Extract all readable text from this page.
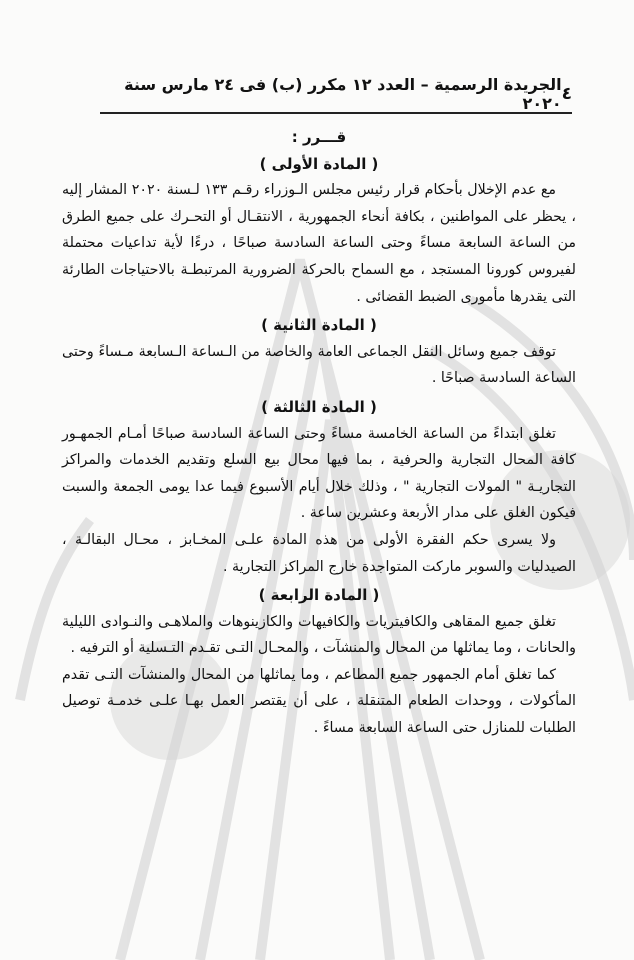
٤
الجريدة الرسمية – العدد ١٢ مكرر (ب) فى ٢٤ مارس سنة ٢٠٢٠

قـــرر :

( المادة الأولى )

مع عدم الإخلال بأحكام قرار رئيس مجلس الـوزراء رقـم ١٣٣ لـسنة ٢٠٢٠ المشار إليه ، يحظر على المواطنين ، بكافة أنحاء الجمهورية ، الانتقـال أو التحـرك على جميع الطرق من الساعة السابعة مساءً وحتى الساعة السادسة صباحًا ، درءًا لأية تداعيات محتملة لفيروس كورونا المستجد ، مع السماح بالحركة الضرورية المرتبطـة بالاحتياجات الطارئة التى يقدرها مأمورى الضبط القضائى .

( المادة الثانية )

توقف جميع وسائل النقل الجماعى العامة والخاصة من الـساعة الـسابعة مـساءً وحتى الساعة السادسة صباحًا .

( المادة الثالثة )

تغلق ابتداءً من الساعة الخامسة مساءً وحتى الساعة السادسة صباحًا أمـام الجمهـور كافة المحال التجارية والحرفية ، بما فيها محال بيع السلع وتقديم الخدمات والمراكز التجاريـة " المولات التجارية " ، وذلك خلال أيام الأسبوع فيما عدا يومى الجمعة والسبت فيكون الغلق على مدار الأربعة وعشرين ساعة .

ولا يسرى حكم الفقرة الأولى من هذه المادة علـى المخـابز ، محـال البقالـة ، الصيدليات والسوبر ماركت المتواجدة خارج المراكز التجارية .

( المادة الرابعة )

تغلق جميع المقاهى والكافيتريات والكافيهات والكازينوهات والملاهـى والنـوادى الليلية والحانات ، وما يماثلها من المحال والمنشآت ، والمحـال التـى تقـدم التـسلية أو الترفيه .

كما تغلق أمام الجمهور جميع المطاعم ، وما يماثلها من المحال والمنشآت التـى تقدم المأكولات ، ووحدات الطعام المتنقلة ، على أن يقتصر العمل بهـا علـى خدمـة توصيل الطلبات للمنازل حتى الساعة السابعة مساءً .
